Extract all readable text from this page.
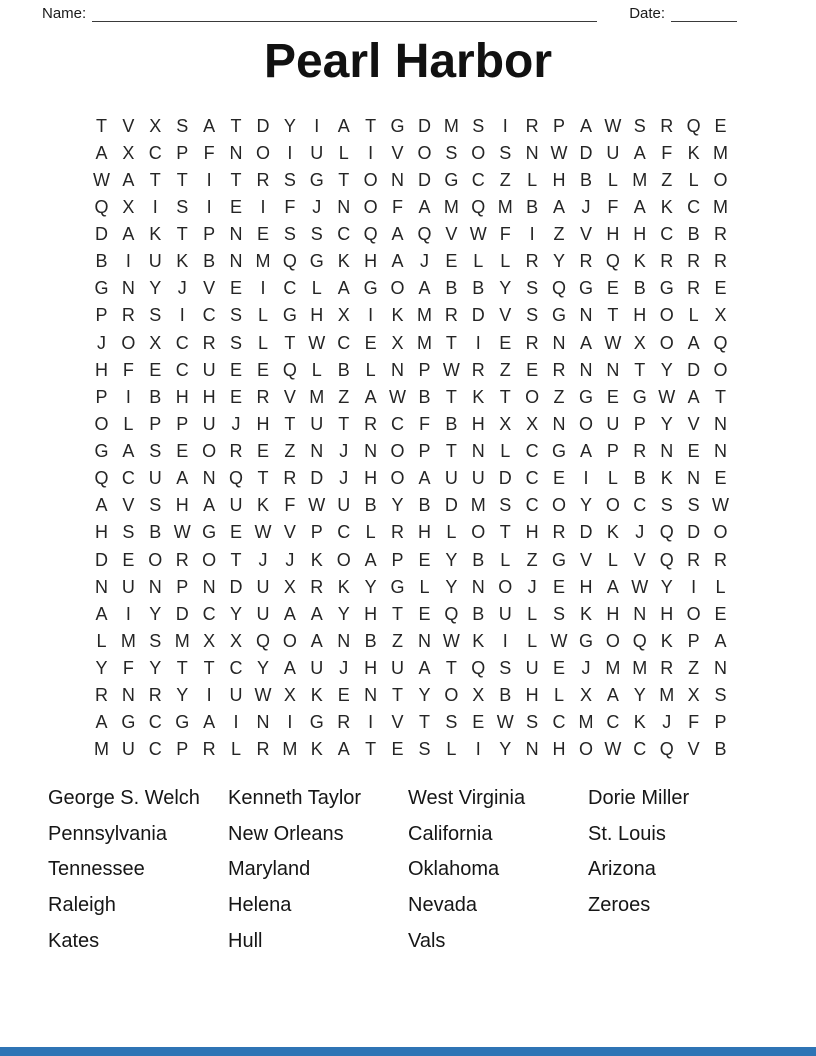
Name:	Date:
Pearl Harbor
T V X S A T D Y	I	A T G D M S	I R P A W S R Q E
A X C P F N O I U L	I	V O S O S N W D U A F K M
W A T T	I	T R S G T O N D G C Z L H B L M Z L O
Q X	I	S	I	E	I	F J N O F A M Q M B A J F A K C M
D A K T P N E S S C Q A Q V W F	I	Z V H H C B R
B	I U K B N M Q G K H A J E L L R Y R Q K R R R
G N Y J V E	I C L A G O A B B Y S Q G E B G R E
P R S	I C S L G H X	I	K M R D V S G N T H O L X
J O X C R S L T W C E X M T	I	E R N A W X O A Q
H F E C U E E Q L B L N P W R Z E R N N T Y D O
P	I	B H H E R V M Z A W B T K T O Z G E G W A T
O L P P U J H T U T R C F B H X X N O U P Y V N
G A S E O R E Z N J N O P T N L C G A P R N E N
Q C U A N Q T R D J H O A U U D C E	I	L B K N E
A V S H A U K F W U B Y B D M S C O Y O C S S W
H S B W G E W V P C L R H L O T H R D K J Q D O
D E O R O T J J K O A P E Y B L Z G V L V Q R R
N U N P N D U X R K Y G L Y N O J E H A W Y	I	L
A	I	Y D C Y U A A Y H T E Q B U L S K H N H O E
L M S M X X Q O A N B Z N W K	I	L W G O Q K P A
Y F Y T T C Y A U J H U A T Q S U E J M M R Z N
R N R Y	I U W X K E N T Y O X B H L X A Y M X S
A G C G A	I N I G R I	V T S E W S C M C K J F P
M U C P R L R M K A T E S L	I	Y N H O W C Q V B
George S. Welch
Pennsylvania
Tennessee
Raleigh
Kates
Kenneth Taylor
New Orleans
Maryland
Helena
Hull
West Virginia
California
Oklahoma
Nevada
Vals
Dorie Miller
St. Louis
Arizona
Zeroes
